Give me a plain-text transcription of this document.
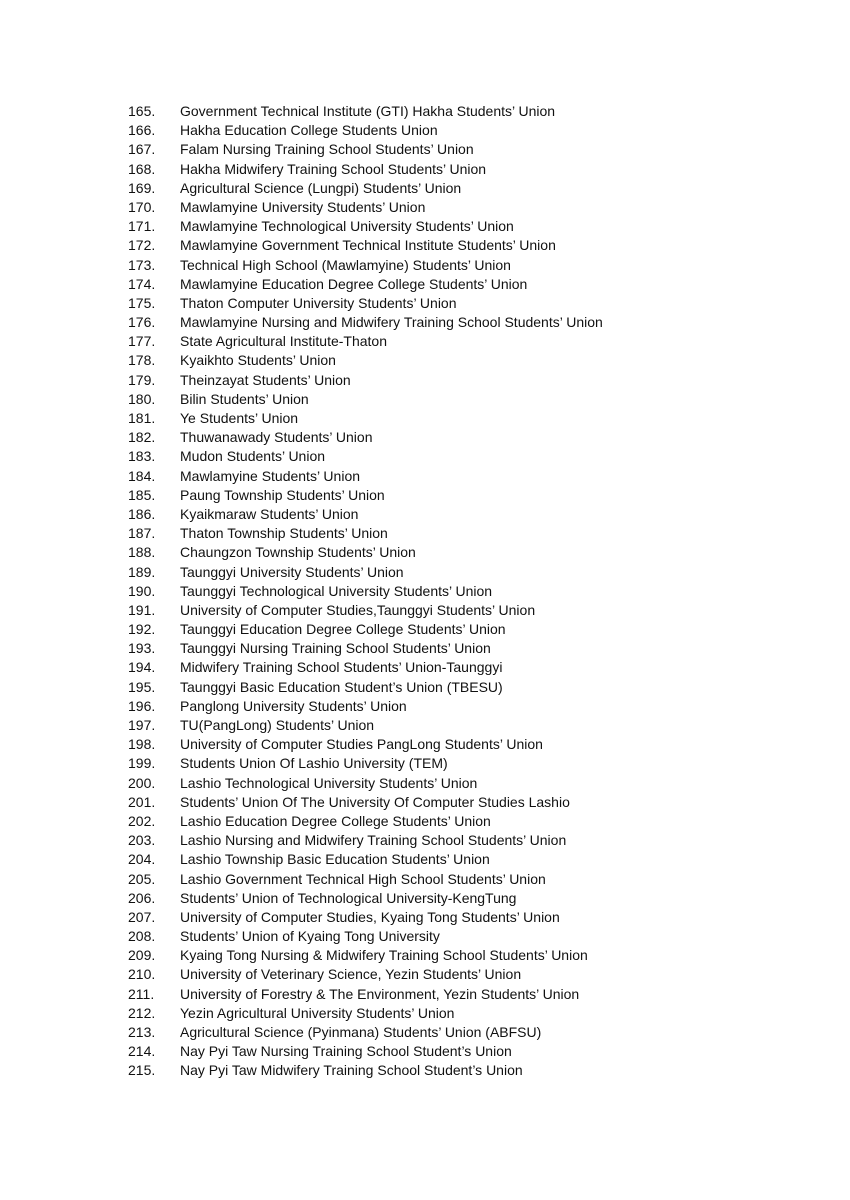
165.	Government Technical Institute (GTI) Hakha Students’ Union
166.	Hakha Education College Students Union
167.	Falam Nursing Training School Students’ Union
168.	Hakha Midwifery Training School Students’ Union
169.	Agricultural Science (Lungpi) Students’ Union
170.	Mawlamyine University Students’ Union
171.	Mawlamyine Technological University Students’ Union
172.	Mawlamyine Government Technical Institute Students’ Union
173.	Technical High School (Mawlamyine) Students’ Union
174.	Mawlamyine Education Degree College Students’ Union
175.	Thaton Computer University Students’ Union
176.	Mawlamyine Nursing and Midwifery Training School Students’ Union
177.	State Agricultural Institute-Thaton
178.	Kyaikhto Students’ Union
179.	Theinzayat Students’ Union
180.	Bilin Students’ Union
181.	Ye Students’ Union
182.	Thuwanawady Students’ Union
183.	Mudon Students’ Union
184.	Mawlamyine Students’ Union
185.	Paung Township Students’ Union
186.	Kyaikmaraw Students’ Union
187.	Thaton Township Students’ Union
188.	Chaungzon Township Students’ Union
189.	Taunggyi University Students’ Union
190.	Taunggyi Technological University Students’ Union
191.	University of Computer Studies,Taunggyi Students’ Union
192.	Taunggyi Education Degree College Students’ Union
193.	Taunggyi Nursing Training School Students’ Union
194.	Midwifery Training School Students’ Union-Taunggyi
195.	Taunggyi Basic Education Student’s Union (TBESU)
196.	Panglong University Students’ Union
197.	TU(PangLong) Students’ Union
198.	University of Computer Studies PangLong Students’ Union
199.	Students Union Of Lashio University (TEM)
200.	Lashio Technological University Students’ Union
201.	Students’ Union Of The University Of Computer Studies Lashio
202.	Lashio Education Degree College Students’ Union
203.	Lashio Nursing and Midwifery Training School Students’ Union
204.	Lashio Township Basic Education Students’ Union
205.	Lashio Government Technical High School Students’ Union
206.	Students’ Union of Technological University-KengTung
207.	University of Computer Studies, Kyaing Tong Students’ Union
208.	Students’ Union of Kyaing Tong University
209.	Kyaing Tong Nursing & Midwifery Training School Students’ Union
210.	University of Veterinary Science, Yezin Students’ Union
211.	University of Forestry & The Environment, Yezin Students’ Union
212.	Yezin Agricultural University Students’ Union
213.	Agricultural Science (Pyinmana) Students’ Union (ABFSU)
214.	Nay Pyi Taw Nursing Training School Student’s Union
215.	Nay Pyi Taw Midwifery Training School Student’s Union
